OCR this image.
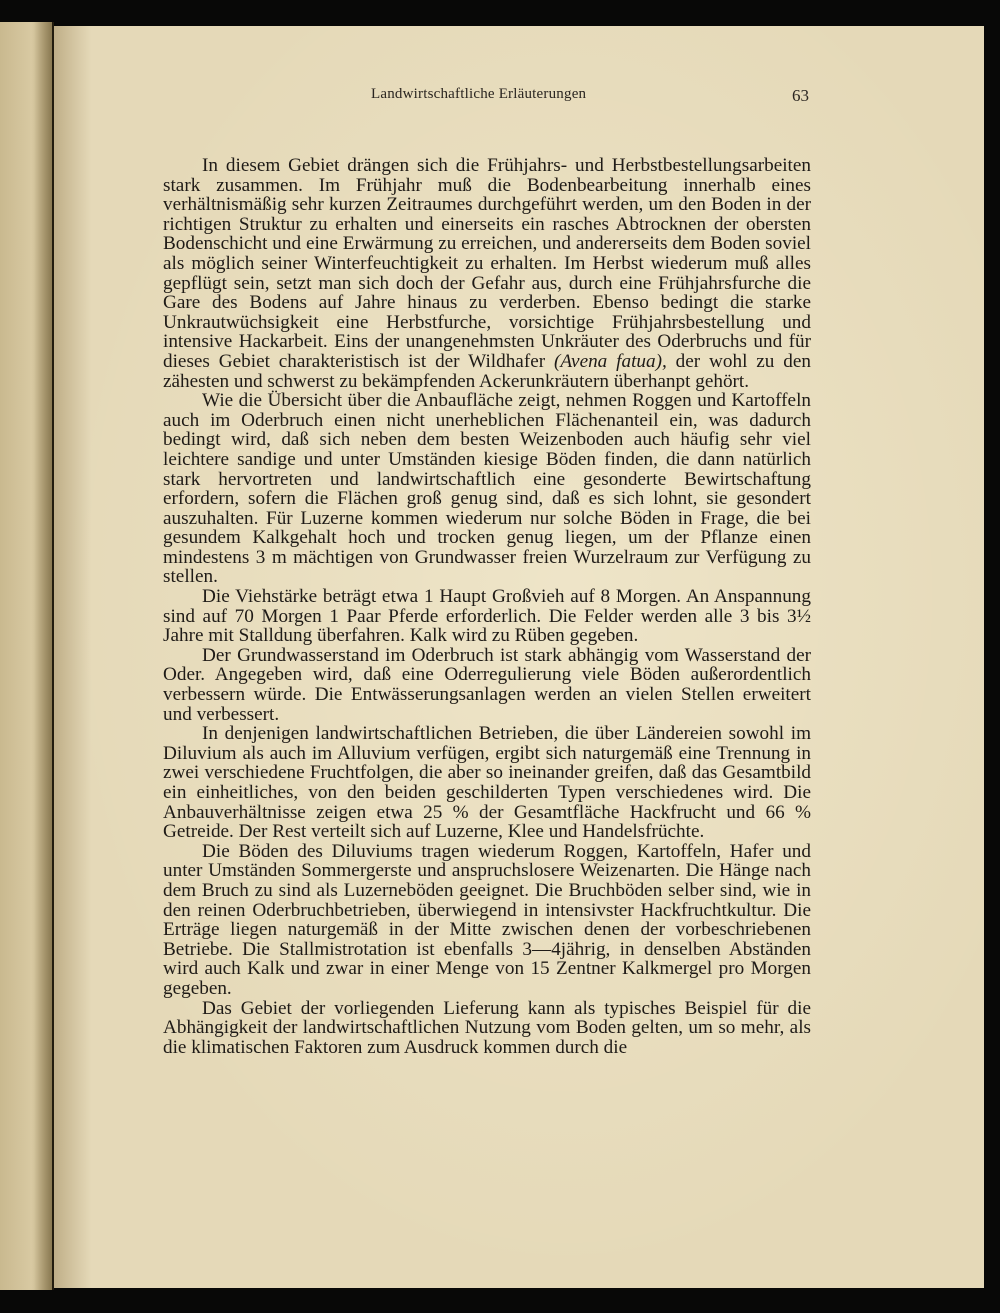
Landwirtschaftliche Erläuterungen	63

In diesem Gebiet drängen sich die Frühjahrs- und Herbstbestellungsarbeiten stark zusammen. Im Frühjahr muß die Bodenbearbeitung innerhalb eines verhältnismäßig sehr kurzen Zeitraumes durchgeführt werden, um den Boden in der richtigen Struktur zu erhalten und einerseits ein rasches Abtrocknen der obersten Bodenschicht und eine Erwärmung zu erreichen, und andererseits dem Boden soviel als möglich seiner Winterfeuchtigkeit zu erhalten. Im Herbst wiederum muß alles gepflügt sein, setzt man sich doch der Gefahr aus, durch eine Frühjahrsfurche die Gare des Bodens auf Jahre hinaus zu verderben. Ebenso bedingt die starke Unkrautwüchsigkeit eine Herbstfurche, vorsichtige Frühjahrsbestellung und intensive Hackarbeit. Eins der unangenehmsten Unkräuter des Oderbruchs und für dieses Gebiet charakteristisch ist der Wildhafer (Avena fatua), der wohl zu den zähesten und schwerst zu bekämpfenden Ackerunkräutern überhanpt gehört.

Wie die Übersicht über die Anbaufläche zeigt, nehmen Roggen und Kartoffeln auch im Oderbruch einen nicht unerheblichen Flächenanteil ein, was dadurch bedingt wird, daß sich neben dem besten Weizenboden auch häufig sehr viel leichtere sandige und unter Umständen kiesige Böden finden, die dann natürlich stark hervortreten und landwirtschaftlich eine gesonderte Bewirtschaftung erfordern, sofern die Flächen groß genug sind, daß es sich lohnt, sie gesondert auszuhalten. Für Luzerne kommen wiederum nur solche Böden in Frage, die bei gesundem Kalkgehalt hoch und trocken genug liegen, um der Pflanze einen mindestens 3 m mächtigen von Grundwasser freien Wurzelraum zur Verfügung zu stellen.

Die Viehstärke beträgt etwa 1 Haupt Großvieh auf 8 Morgen. An Anspannung sind auf 70 Morgen 1 Paar Pferde erforderlich. Die Felder werden alle 3 bis 3½ Jahre mit Stalldung überfahren. Kalk wird zu Rüben gegeben.

Der Grundwasserstand im Oderbruch ist stark abhängig vom Wasserstand der Oder. Angegeben wird, daß eine Oderregulierung viele Böden außerordentlich verbessern würde. Die Entwässerungsanlagen werden an vielen Stellen erweitert und verbessert.

In denjenigen landwirtschaftlichen Betrieben, die über Ländereien sowohl im Diluvium als auch im Alluvium verfügen, ergibt sich naturgemäß eine Trennung in zwei verschiedene Fruchtfolgen, die aber so ineinander greifen, daß das Gesamtbild ein einheitliches, von den beiden geschilderten Typen verschiedenes wird. Die Anbauverhältnisse zeigen etwa 25 % der Gesamtfläche Hackfrucht und 66 % Getreide. Der Rest verteilt sich auf Luzerne, Klee und Handelsfrüchte.

Die Böden des Diluviums tragen wiederum Roggen, Kartoffeln, Hafer und unter Umständen Sommergerste und anspruchslosere Weizenarten. Die Hänge nach dem Bruch zu sind als Luzerneböden geeignet. Die Bruchböden selber sind, wie in den reinen Oderbruchbetrieben, überwiegend in intensivster Hackfruchtkultur. Die Erträge liegen naturgemäß in der Mitte zwischen denen der vorbeschriebenen Betriebe. Die Stallmistrotation ist ebenfalls 3—4jährig, in denselben Abständen wird auch Kalk und zwar in einer Menge von 15 Zentner Kalkmergel pro Morgen gegeben.

Das Gebiet der vorliegenden Lieferung kann als typisches Beispiel für die Abhängigkeit der landwirtschaftlichen Nutzung vom Boden gelten, um so mehr, als die klimatischen Faktoren zum Ausdruck kommen durch die
